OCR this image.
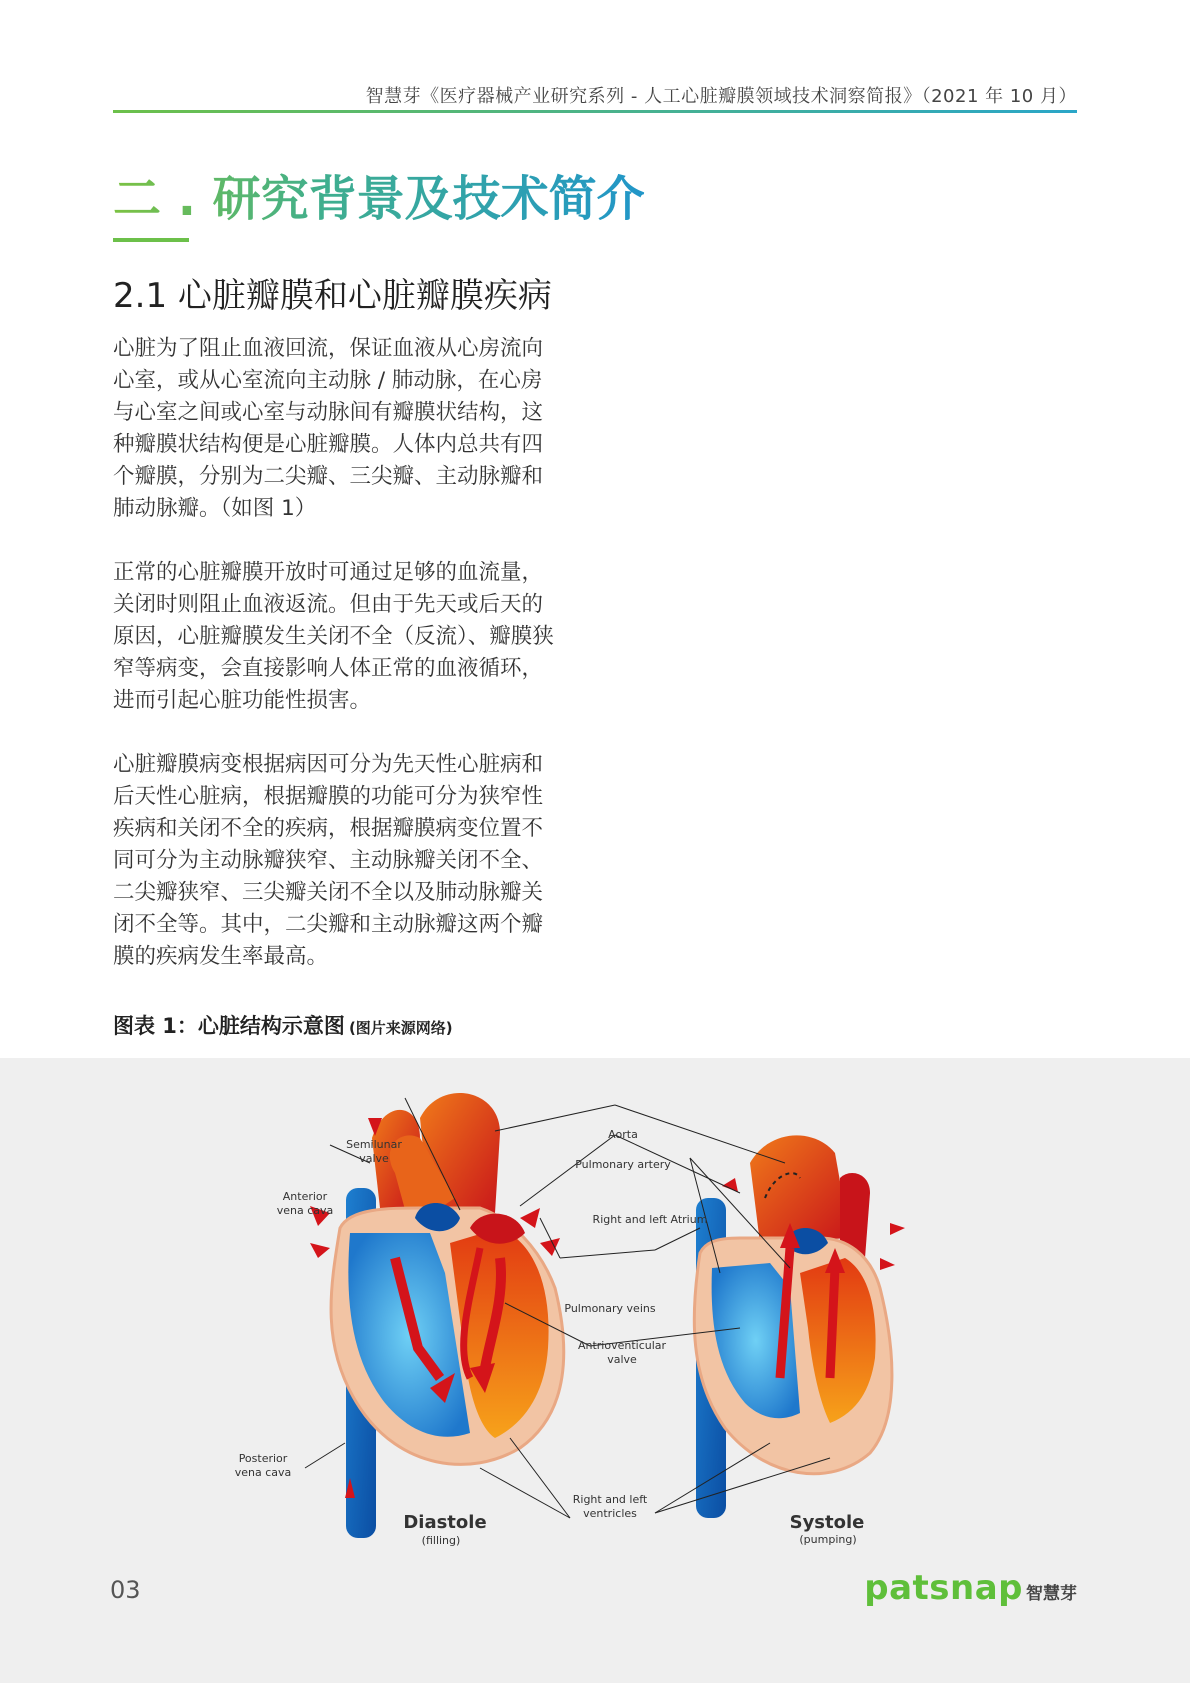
智慧芽《医疗器械产业研究系列 - 人工心脏瓣膜领域技术洞察简报》（2021 年 10 月）
二 . 研究背景及技术简介
2.1 心脏瓣膜和心脏瓣膜疾病

心脏为了阻止血液回流，保证血液从心房流向心室，或从心室流向主动脉 / 肺动脉，在心房与心室之间或心室与动脉间有瓣膜状结构，这种瓣膜状结构便是心脏瓣膜。人体内总共有四个瓣膜，分别为二尖瓣、三尖瓣、主动脉瓣和肺动脉瓣。（如图 1）

正常的心脏瓣膜开放时可通过足够的血流量，关闭时则阻止血液返流。但由于先天或后天的原因，心脏瓣膜发生关闭不全（反流）、瓣膜狭窄等病变，会直接影响人体正常的血液循环，进而引起心脏功能性损害。

心脏瓣膜病变根据病因可分为先天性心脏病和后天性心脏病，根据瓣膜的功能可分为狭窄性疾病和关闭不全的疾病，根据瓣膜病变位置不同可分为主动脉瓣狭窄、主动脉瓣关闭不全、二尖瓣狭窄、三尖瓣关闭不全以及肺动脉瓣关闭不全等。其中，二尖瓣和主动脉瓣这两个瓣膜的疾病发生率最高。

图表 1：心脏结构示意图 (图片来源网络)
Semilunar
valve
Anterior
vena cava
Aorta
Pulmonary artery
Right and left Atrium
Pulmonary veins
Antrioventicular
valve
Posterior
vena cava
Right and left
ventricles
Diastole
(filling)
Systole
(pumping)
03	patsnap 智慧芽
